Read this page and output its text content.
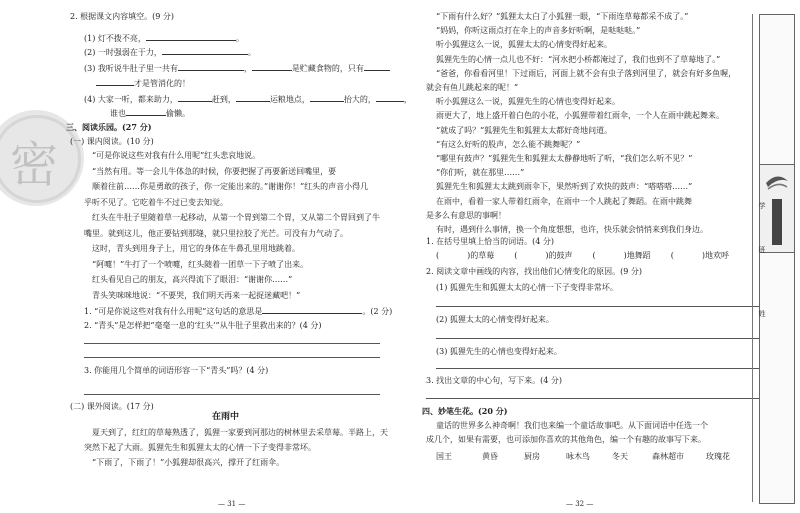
密
2. 根据课文内容填空。(9 分)
(1) 灯不拨不亮，	。
(2) 一时强弱在于力，	。
(3) 我听说牛肚子里一共有	，	是贮藏食物的，只有
才是管消化的！
(4) 大家一听，都来助力，	赶到，	运粮地点，	抬大的，	，
谁也	偷懒。
三、阅读乐园。(27 分)
(一) 课内阅读。(10 分)
“可是你说这些对我有什么用呢”红头悲哀地说。
“当然有用。等一会儿牛体急的时候，你要把握了再要新送回嘴里，要
顺着往前……你是勇敢的孩子，你一定能出来的。”谢谢你！”红头的声音小得几
乎听不见了。它吃着牛不过已变去知觉。
红头在牛肚子里随着草一起移动，从第一个胃到第二个胃，又从第二个胃回到了牛
嘴里。就到这儿，他正要钻到那缝，就只里拉胶了光芒。可没有力气动了。
这时，青头到用身子上，用它的身体在牛鼻孔里用地跳着。
“阿嚏！”牛打了一个喷嚏，红头随着一团草一下子喷了出来。
红头看见自己的朋友，高兴得流下了眼泪：“谢谢你……”
青头笑咪咪地说：“不要哭，我们明天再来一起捉迷藏吧！”
1. “可是你说这些对我有什么用呢”这句话的意思是	。(2 分)
2. “青头”是怎样把“毫毫一息的‘红头’”从牛肚子里救出来的？(4 分)
3. 你能用几个简单的词语形容一下“青头”吗？(4 分)
(二) 课外阅读。(17 分)
在雨中
夏天到了，红红的草莓熟透了，狐狸一家要到河那边的树林里去采草莓。半路上，天
突然下起了大雨。狐狸先生和狐狸太太的心情一下子变得非常坏。
“下雨了，下雨了！”小狐狸却很高兴，撑开了红雨伞。
— 31 —
“下雨有什么好？”狐狸太太白了小狐狸一眼，“下雨连草莓都采不成了。”
“妈妈，你听这雨点打在伞上的声音多好听啊，是哒哒哒。”
听小狐狸这么一说，狐狸太太的心情变得好起来。
狐狸先生的心情一点儿也不好：“河水把小桥都淹过了，我们也到不了草莓地了。”
“爸爸，你看看河里！下过雨后，河面上就不会有虫子落到河里了，就会有好多鱼喔，
就会有鱼儿跳起来的呢！”
听小狐狸这么一说，狐狸先生的心情也变得好起来。
雨更大了，地上盛开着白色的小花，小狐狸带着红雨伞，一个人在雨中跳起舞来。
“就成了吗？”狐狸先生和狐狸太太都好奇地问道。
“有这么好听的股声，怎么能不跳舞呢？”
“哪里有鼓声？”狐狸先生和狐狸太太静静地听了听，“我们怎么听不见？”
“你们听，就在那里……”
狐狸先生和狐狸太太跳到雨伞下，果然听到了欢快的鼓声：“嗒嗒嗒……”
在雨中，看着一家人带着红雨伞，在雨中一个人跳起了舞蹈。在雨中跳舞
是多么有意思的事啊！
有时，遇到什么事情，换一个角度想想，也许，快乐就会悄悄来到我们身边。
1. 在括号里填上恰当的词语。(4 分)
(	)的草莓	(	)的鼓声	(	)地舞蹈	(	)地欢呼
2. 阅读文章中画线的内容，找出他们心情变化的原因。(9 分)
(1) 狐狸先生和狐狸太太的心情一下子变得非常坏。
(2) 狐狸太太的心情变得好起来。
(3) 狐狸先生的心情也变得好起来。
3. 找出文章的中心句，写下来。(4 分)
四、妙笔生花。(20 分)
童话的世界多么神奇啊！我们也来编一个童话故事吧。从下面词语中任选一个
成几个，如果有需要，也可添加你喜欢的其他角色，编一个有趣的故事写下来。
国王	黄昏	厨房	咏木鸟	冬天	森林超市	玫瑰花
— 32 —
学
班
姓
